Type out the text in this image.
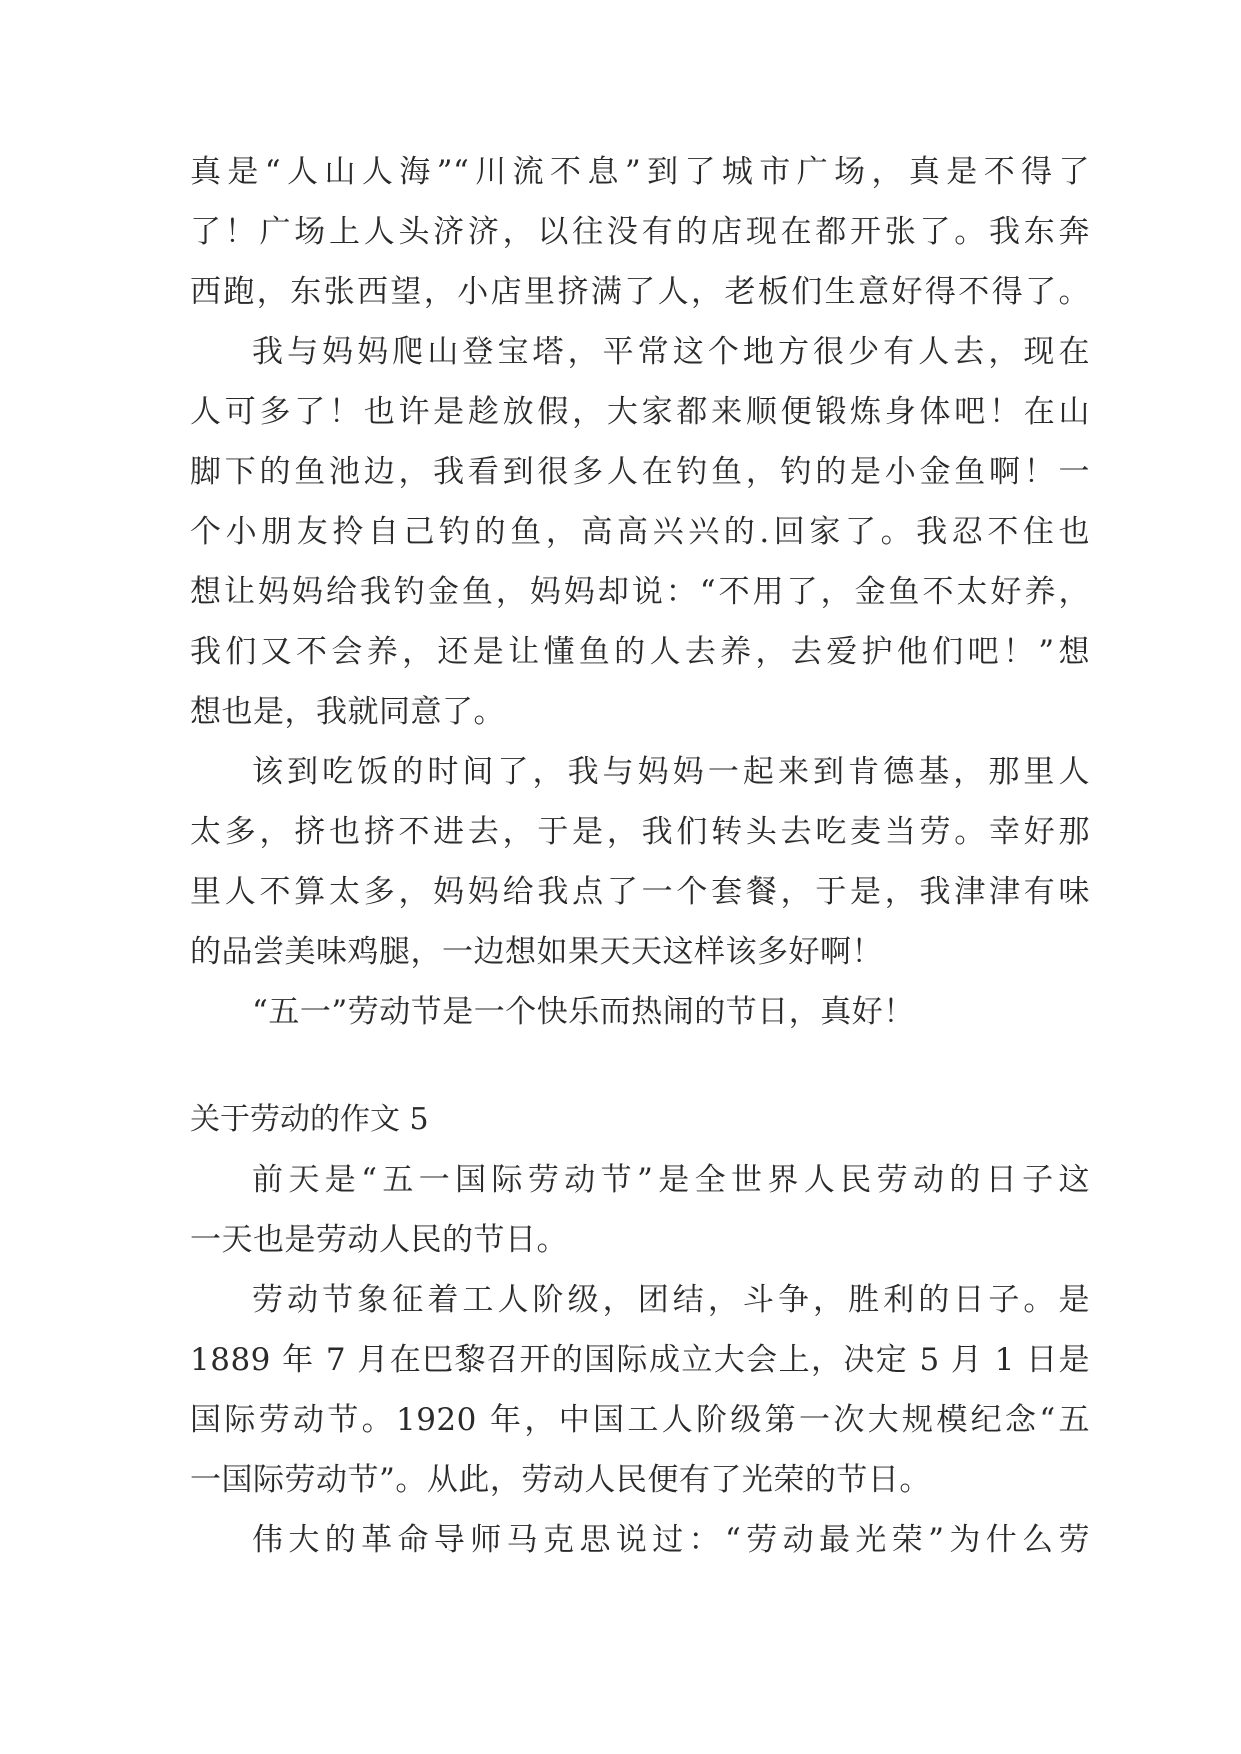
真是“人山人海”“川流不息”到了城市广场，真是不得了
了！广场上人头济济，以往没有的店现在都开张了。我东奔
西跑，东张西望，小店里挤满了人，老板们生意好得不得了。
我与妈妈爬山登宝塔，平常这个地方很少有人去，现在
人可多了！也许是趁放假，大家都来顺便锻炼身体吧！在山
脚下的鱼池边，我看到很多人在钓鱼，钓的是小金鱼啊！一
个小朋友拎自己钓的鱼，高高兴兴的.回家了。我忍不住也
想让妈妈给我钓金鱼，妈妈却说：“不用了，金鱼不太好养，
我们又不会养，还是让懂鱼的人去养，去爱护他们吧！”想
想也是，我就同意了。
该到吃饭的时间了，我与妈妈一起来到肯德基，那里人
太多，挤也挤不进去，于是，我们转头去吃麦当劳。幸好那
里人不算太多，妈妈给我点了一个套餐，于是，我津津有味
的品尝美味鸡腿，一边想如果天天这样该多好啊！
“五一”劳动节是一个快乐而热闹的节日，真好！
关于劳动的作文 5
前天是“五一国际劳动节”是全世界人民劳动的日子这
一天也是劳动人民的节日。
劳动节象征着工人阶级，团结，斗争，胜利的日子。是
1889 年 7 月在巴黎召开的国际成立大会上，决定 5 月 1 日是
国际劳动节。1920 年，中国工人阶级第一次大规模纪念“五
一国际劳动节”。从此，劳动人民便有了光荣的节日。
伟大的革命导师马克思说过：“劳动最光荣”为什么劳
